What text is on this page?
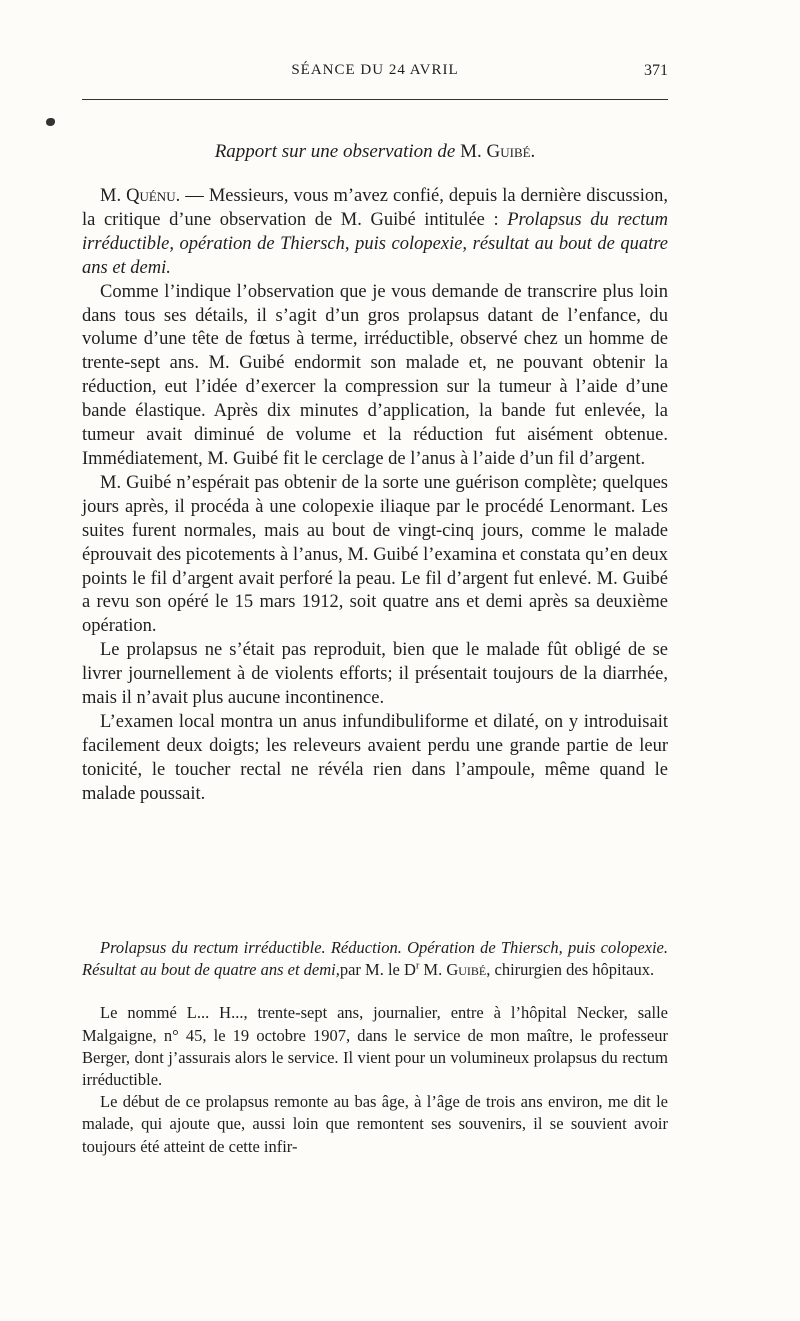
SÉANCE DU 24 AVRIL	371
Rapport sur une observation de M. Guibé.

M. Quénu. — Messieurs, vous m’avez confié, depuis la dernière discussion, la critique d’une observation de M. Guibé intitulée : Prolapsus du rectum irréductible, opération de Thiersch, puis colopexie, résultat au bout de quatre ans et demi.

Comme l’indique l’observation que je vous demande de transcrire plus loin dans tous ses détails, il s’agit d’un gros prolapsus datant de l’enfance, du volume d’une tête de fœtus à terme, irréductible, observé chez un homme de trente-sept ans. M. Guibé endormit son malade et, ne pouvant obtenir la réduction, eut l’idée d’exercer la compression sur la tumeur à l’aide d’une bande élastique. Après dix minutes d’application, la bande fut enlevée, la tumeur avait diminué de volume et la réduction fut aisément obtenue. Immédiatement, M. Guibé fit le cerclage de l’anus à l’aide d’un fil d’argent.

M. Guibé n’espérait pas obtenir de la sorte une guérison complète; quelques jours après, il procéda à une colopexie iliaque par le procédé Lenormant. Les suites furent normales, mais au bout de vingt-cinq jours, comme le malade éprouvait des picotements à l’anus, M. Guibé l’examina et constata qu’en deux points le fil d’argent avait perforé la peau. Le fil d’argent fut enlevé. M. Guibé a revu son opéré le 15 mars 1912, soit quatre ans et demi après sa deuxième opération.

Le prolapsus ne s’était pas reproduit, bien que le malade fût obligé de se livrer journellement à de violents efforts; il présentait toujours de la diarrhée, mais il n’avait plus aucune incontinence.

L’examen local montra un anus infundibuliforme et dilaté, on y introduisait facilement deux doigts; les releveurs avaient perdu une grande partie de leur tonicité, le toucher rectal ne révéla rien dans l’ampoule, même quand le malade poussait.

Prolapsus du rectum irréductible. Réduction. Opération de Thiersch, puis colopexie. Résultat au bout de quatre ans et demi,par M. le $D^r$ M. Guibé, chirurgien des hôpitaux.

Le nommé L... H..., trente-sept ans, journalier, entre à l’hôpital Necker, salle Malgaigne, n° 45, le 19 octobre 1907, dans le service de mon maître, le professeur Berger, dont j’assurais alors le service. Il vient pour un volumineux prolapsus du rectum irréductible.

Le début de ce prolapsus remonte au bas âge, à l’âge de trois ans environ, me dit le malade, qui ajoute que, aussi loin que remontent ses souvenirs, il se souvient avoir toujours été atteint de cette infir-
